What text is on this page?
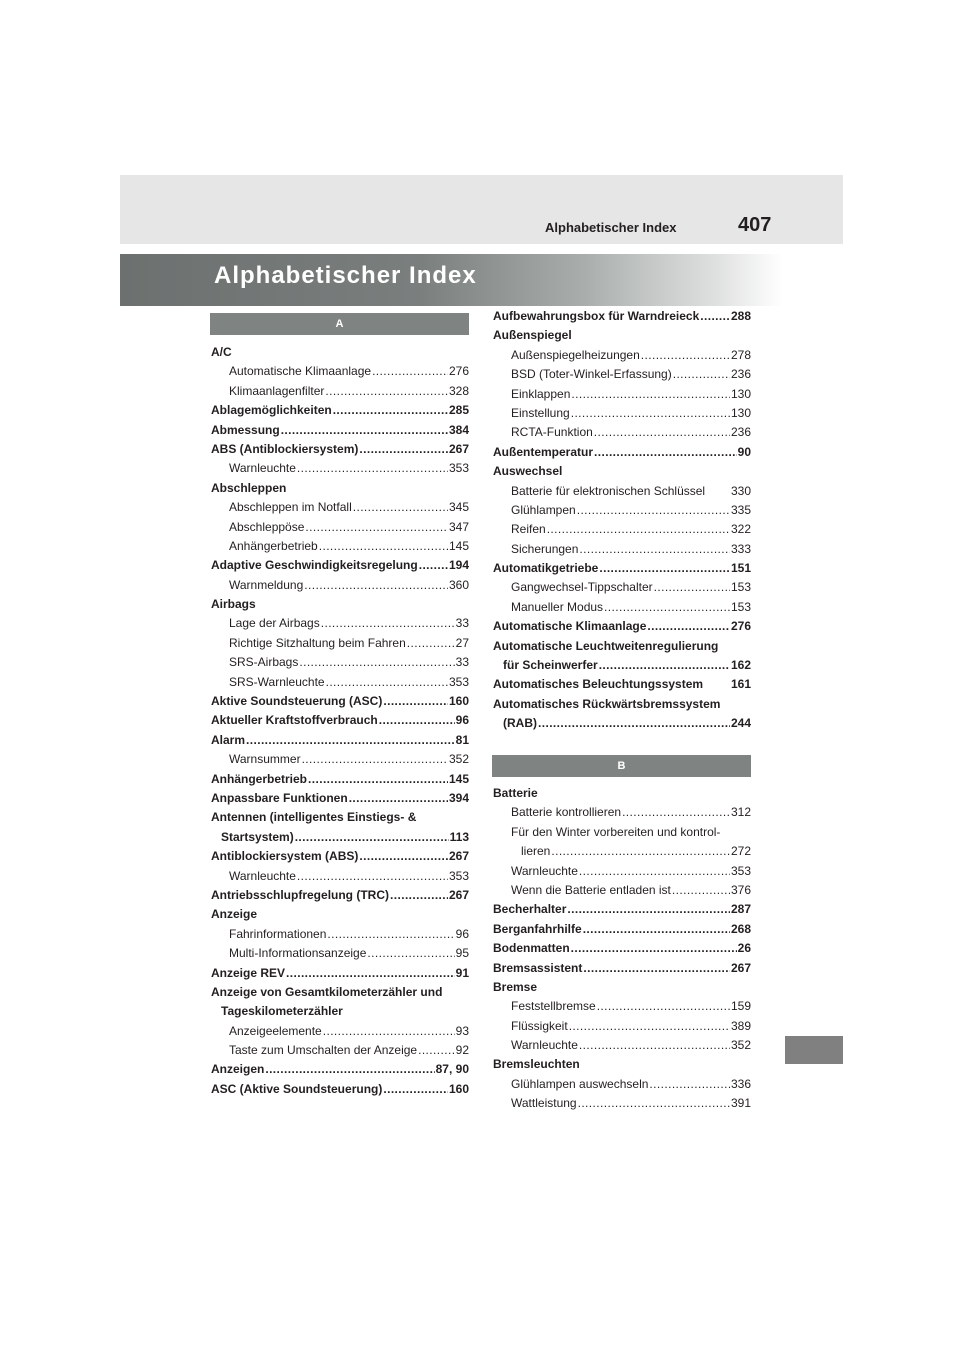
Alphabetischer Index	407
Alphabetischer Index
A
B
A/C
Automatische Klimaanlage .....	276
Klimaanlagenfilter .....	328
Ablagemöglichkeiten .....	285
Abmessung .....	384
ABS (Antiblockiersystem) .....	267
Warnleuchte .....	353
Abschleppen
Abschleppen im Notfall .....	345
Abschleppöse .....	347
Anhängerbetrieb .....	145
Adaptive Geschwindigkeitsregelung .....	194
Warnmeldung .....	360
Airbags
Lage der Airbags .....	33
Richtige Sitzhaltung beim Fahren .....	27
SRS-Airbags .....	33
SRS-Warnleuchte .....	353
Aktive Soundsteuerung (ASC) .....	160
Aktueller Kraftstoffverbrauch .....	96
Alarm .....	81
Warnsummer .....	352
Anhängerbetrieb .....	145
Anpassbare Funktionen .....	394
Antennen (intelligentes Einstiegs- &
Startsystem) .....	113
Antiblockiersystem (ABS) .....	267
Warnleuchte .....	353
Antriebsschlupfregelung (TRC) .....	267
Anzeige
Fahrinformationen .....	96
Multi-Informationsanzeige .....	95
Anzeige REV .....	91
Anzeige von Gesamtkilometerzähler und
Tageskilometerzähler
Anzeigeelemente .....	93
Taste zum Umschalten der Anzeige .....	92
Anzeigen .....	87, 90
ASC (Aktive Soundsteuerung) .....	160
Aufbewahrungsbox für Warndreieck .....	288
Außenspiegel
Außenspiegelheizungen .....	278
BSD (Toter-Winkel-Erfassung) .....	236
Einklappen .....	130
Einstellung .....	130
RCTA-Funktion .....	236
Außentemperatur .....	90
Auswechsel
Batterie für elektronischen Schlüssel 330
Glühlampen .....	335
Reifen .....	322
Sicherungen .....	333
Automatikgetriebe .....	151
Gangwechsel-Tippschalter .....	153
Manueller Modus .....	153
Automatische Klimaanlage .....	276
Automatische Leuchtweitenregulierung
für Scheinwerfer .....	162
Automatisches Beleuchtungssystem 161
Automatisches Rückwärtsbremssystem
(RAB) .....	244
Batterie
Batterie kontrollieren .....	312
Für den Winter vorbereiten und kontrol-
lieren .....	272
Warnleuchte .....	353
Wenn die Batterie entladen ist .....	376
Becherhalter .....	287
Berganfahrhilfe .....	268
Bodenmatten .....	26
Bremsassistent .....	267
Bremse
Feststellbremse .....	159
Flüssigkeit .....	389
Warnleuchte .....	352
Bremsleuchten
Glühlampen auswechseln .....	336
Wattleistung .....	391
